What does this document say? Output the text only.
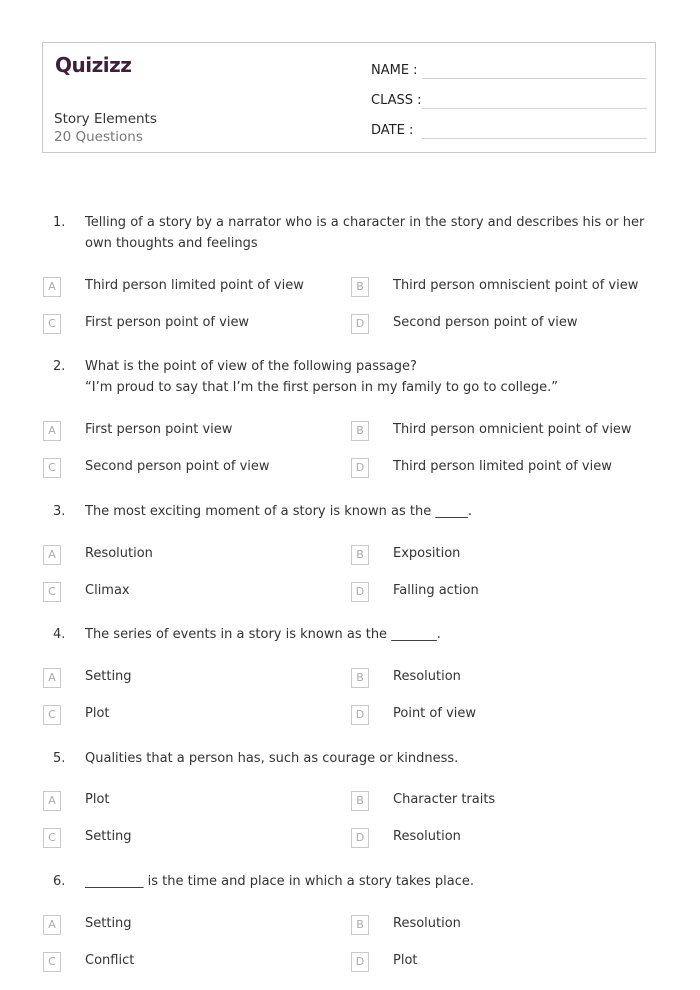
Quizizz
Story Elements
20 Questions
NAME :
CLASS :
DATE :
1. Telling of a story by a narrator who is a character in the story and describes his or her
own thoughts and feelings
A	Third person limited point of view	B	Third person omniscient point of view
C	First person point of view	D	Second person point of view
2. What is the point of view of the following passage?
“I’m proud to say that I’m the first person in my family to go to college.”
A	First person point view	B	Third person omnicient point of view
C	Second person point of view	D	Third person limited point of view
3. The most exciting moment of a story is known as the _____.
A	Resolution	B	Exposition
C	Climax	D	Falling action
4. The series of events in a story is known as the _______.
A	Setting	B	Resolution
C	Plot	D	Point of view
5. Qualities that a person has, such as courage or kindness.
A	Plot	B	Character traits
C	Setting	D	Resolution
6. _________ is the time and place in which a story takes place.
A	Setting	B	Resolution
C	Conflict	D	Plot
